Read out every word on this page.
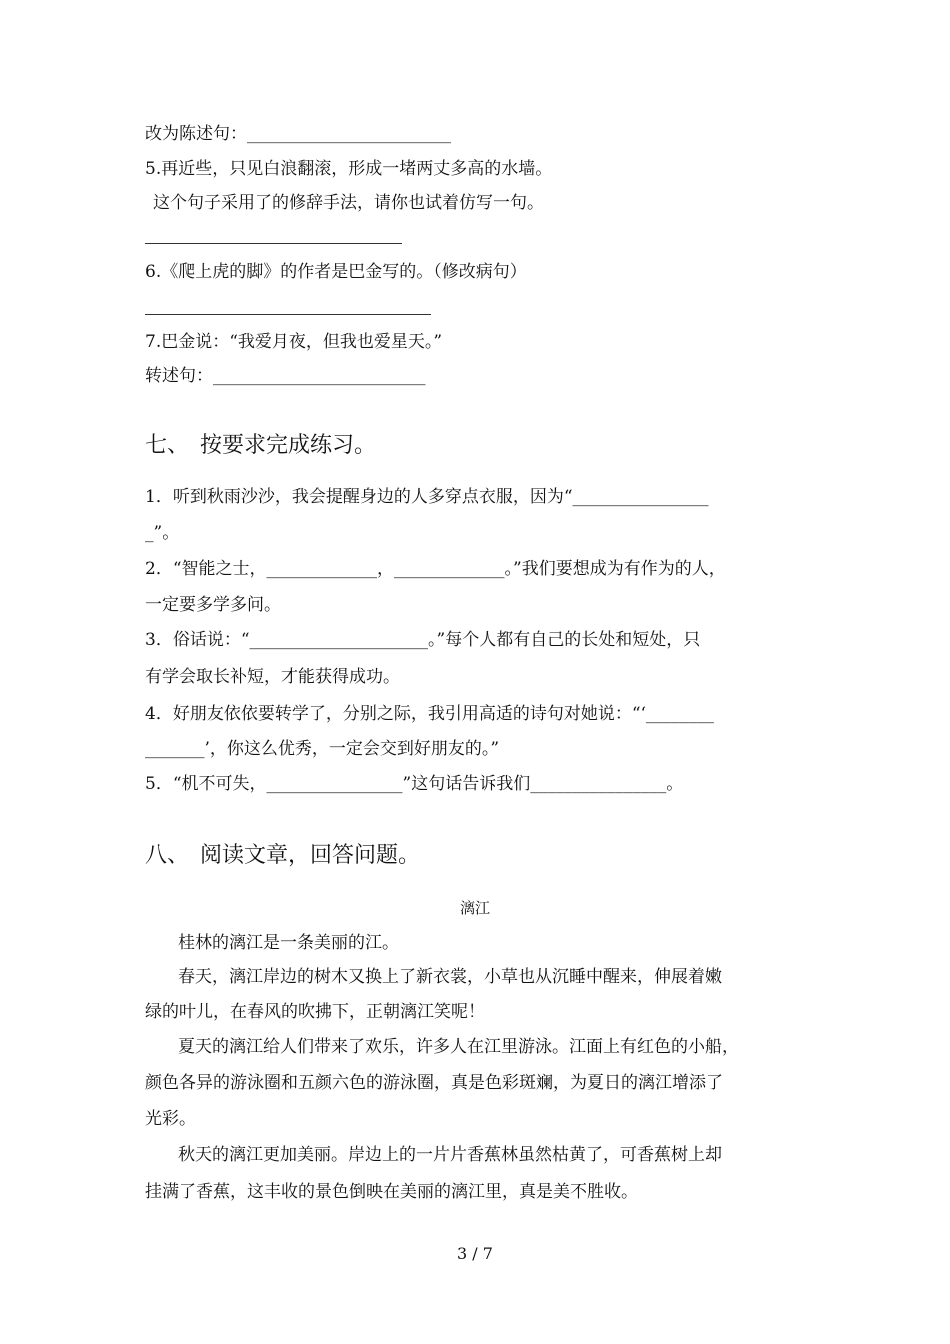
改为陈述句：________________________
5.再近些，只见白浪翻滚，形成一堵两丈多高的水墙。
这个句子采用了的修辞手法，请你也试着仿写一句。
6.《爬上虎的脚》的作者是巴金写的。（修改病句）
7.巴金说：“我爱月夜，但我也爱星天。”
转述句：_________________________
七、　按要求完成练习。
1．听到秋雨沙沙，我会提醒身边的人多穿点衣服，因为“________________
_”。
2．“智能之士，_____________，_____________。”我们要想成为有作为的人，
一定要多学多问。
3．俗话说：“_____________________。”每个人都有自己的长处和短处，只
有学会取长补短，才能获得成功。
4．好朋友依依要转学了，分别之际，我引用高适的诗句对她说：“‘________
_______’，你这么优秀，一定会交到好朋友的。”
5．“机不可失，________________”这句话告诉我们________________。
八、　阅读文章，回答问题。
漓江
桂林的漓江是一条美丽的江。
春天，漓江岸边的树木又换上了新衣裳，小草也从沉睡中醒来，伸展着嫩
绿的叶儿，在春风的吹拂下，正朝漓江笑呢！
夏天的漓江给人们带来了欢乐，许多人在江里游泳。江面上有红色的小船，
颜色各异的游泳圈和五颜六色的游泳圈，真是色彩斑斓，为夏日的漓江增添了
光彩。
秋天的漓江更加美丽。岸边上的一片片香蕉林虽然枯黄了，可香蕉树上却
挂满了香蕉，这丰收的景色倒映在美丽的漓江里，真是美不胜收。
3 / 7
